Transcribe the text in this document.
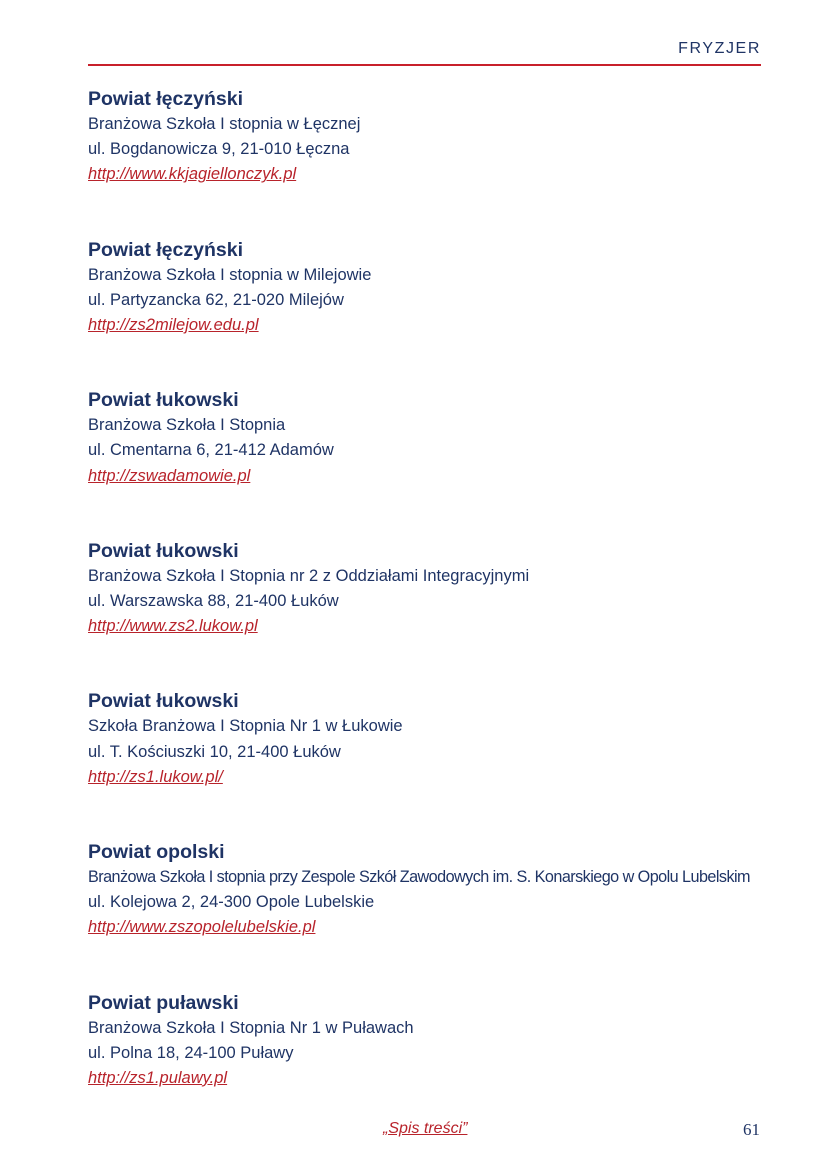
FRYZJER
Powiat łęczyński
Branżowa Szkoła I stopnia w Łęcznej
ul. Bogdanowicza 9, 21-010 Łęczna
http://www.kkjagiellonczyk.pl
Powiat łęczyński
Branżowa Szkoła I stopnia w Milejowie
ul. Partyzancka 62, 21-020 Milejów
http://zs2milejow.edu.pl
Powiat łukowski
Branżowa Szkoła I Stopnia
ul. Cmentarna 6, 21-412 Adamów
http://zswadamowie.pl
Powiat łukowski
Branżowa Szkoła I Stopnia nr 2 z Oddziałami Integracyjnymi
ul. Warszawska 88, 21-400 Łuków
http://www.zs2.lukow.pl
Powiat łukowski
Szkoła Branżowa I Stopnia Nr 1 w Łukowie
ul. T. Kościuszki 10, 21-400 Łuków
http://zs1.lukow.pl/
Powiat opolski
Branżowa Szkoła I stopnia przy Zespole Szkół Zawodowych im. S. Konarskiego w Opolu Lubelskim
ul. Kolejowa 2, 24-300 Opole Lubelskie
http://www.zszopolelubelskie.pl
Powiat puławski
Branżowa Szkoła I Stopnia Nr 1 w Puławach
ul. Polna 18, 24-100 Puławy
http://zs1.pulawy.pl
„Spis treści”	61
